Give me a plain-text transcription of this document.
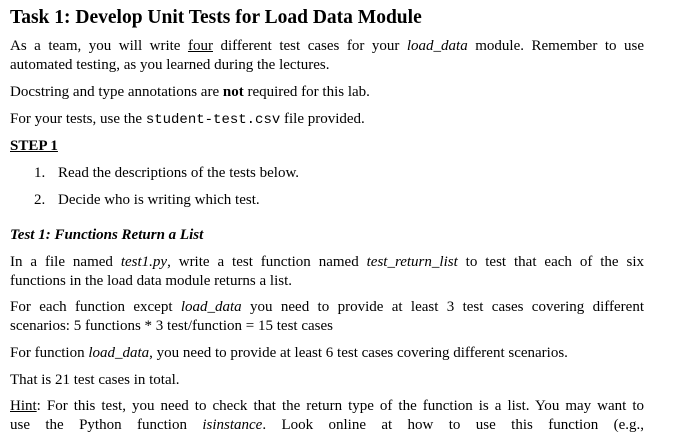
Task 1: Develop Unit Tests for Load Data Module
As a team, you will write four different test cases for your load_data module. Remember to use
automated testing, as you learned during the lectures.
Docstring and type annotations are not required for this lab.
For your tests, use the student-test.csv file provided.
STEP 1
1. Read the descriptions of the tests below.
2. Decide who is writing which test.
Test 1: Functions Return a List
In a file named test1.py, write a test function named test_return_list to test that each of the six
functions in the load data module returns a list.
For each function except load_data you need to provide at least 3 test cases covering different
scenarios: 5 functions * 3 test/function = 15 test cases
For function load_data, you need to provide at least 6 test cases covering different scenarios.
That is 21 test cases in total.
Hint: For this test, you need to check that the return type of the function is a list. You may want to
use the Python function isinstance. Look online at how to use this function (e.g.,
